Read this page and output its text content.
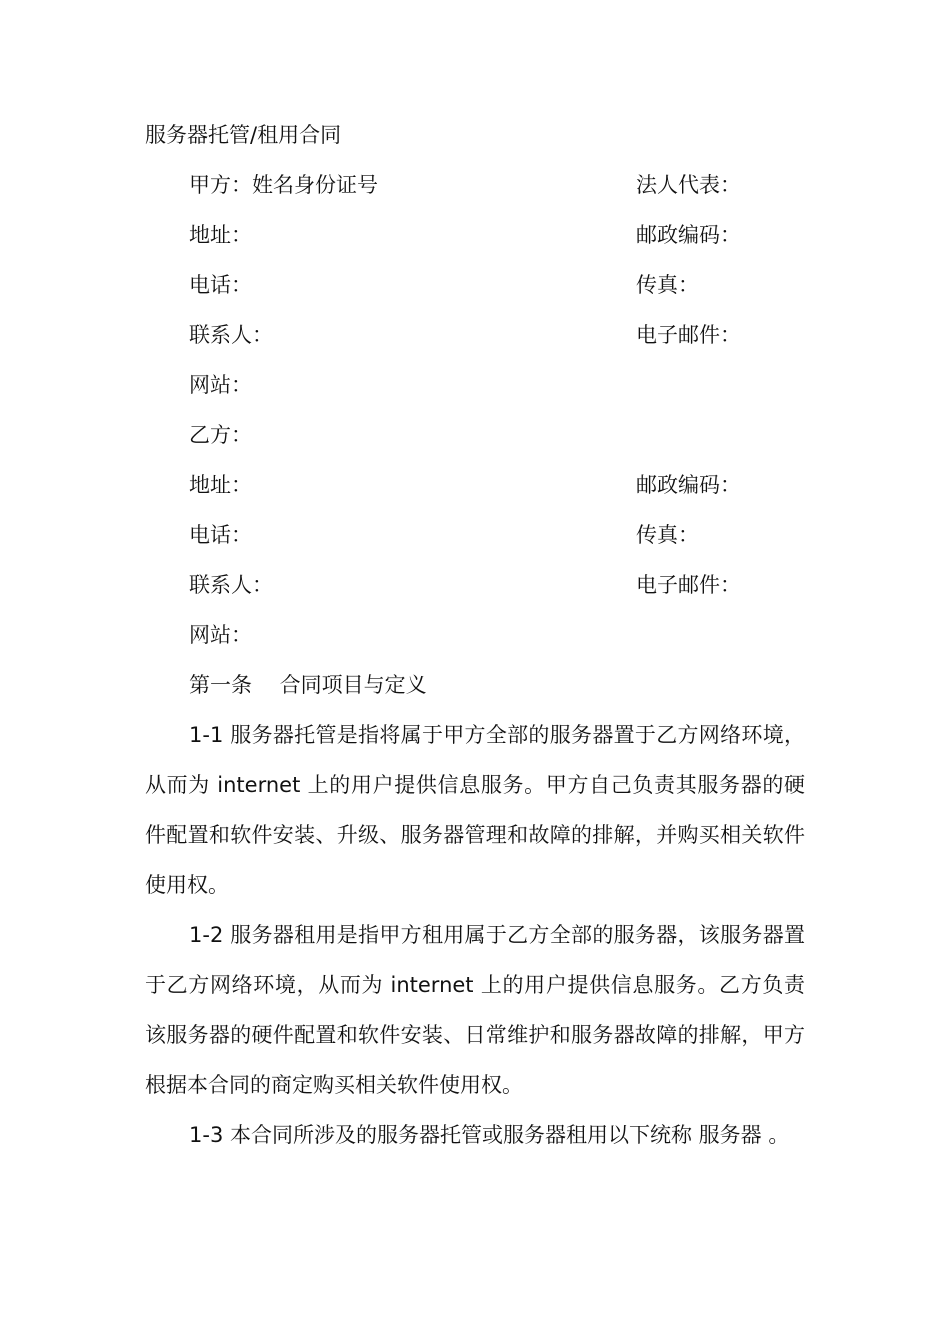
服务器托管/租用合同
甲方：姓名身份证号	法人代表：
地址：	邮政编码：
电话：	传真：
联系人：	电子邮件：
网站：
乙方：
地址：	邮政编码：
电话：	传真：
联系人：	电子邮件：
网站：
第一条　 合同项目与定义

1-1 服务器托管是指将属于甲方全部的服务器置于乙方网络环境，从而为 internet 上的用户提供信息服务。甲方自己负责其服务器的硬件配置和软件安装、升级、服务器管理和故障的排解，并购买相关软件使用权。

1-2 服务器租用是指甲方租用属于乙方全部的服务器，该服务器置于乙方网络环境，从而为 internet 上的用户提供信息服务。乙方负责该服务器的硬件配置和软件安装、日常维护和服务器故障的排解，甲方根据本合同的商定购买相关软件使用权。

1-3 本合同所涉及的服务器托管或服务器租用以下统称 服务器 。
